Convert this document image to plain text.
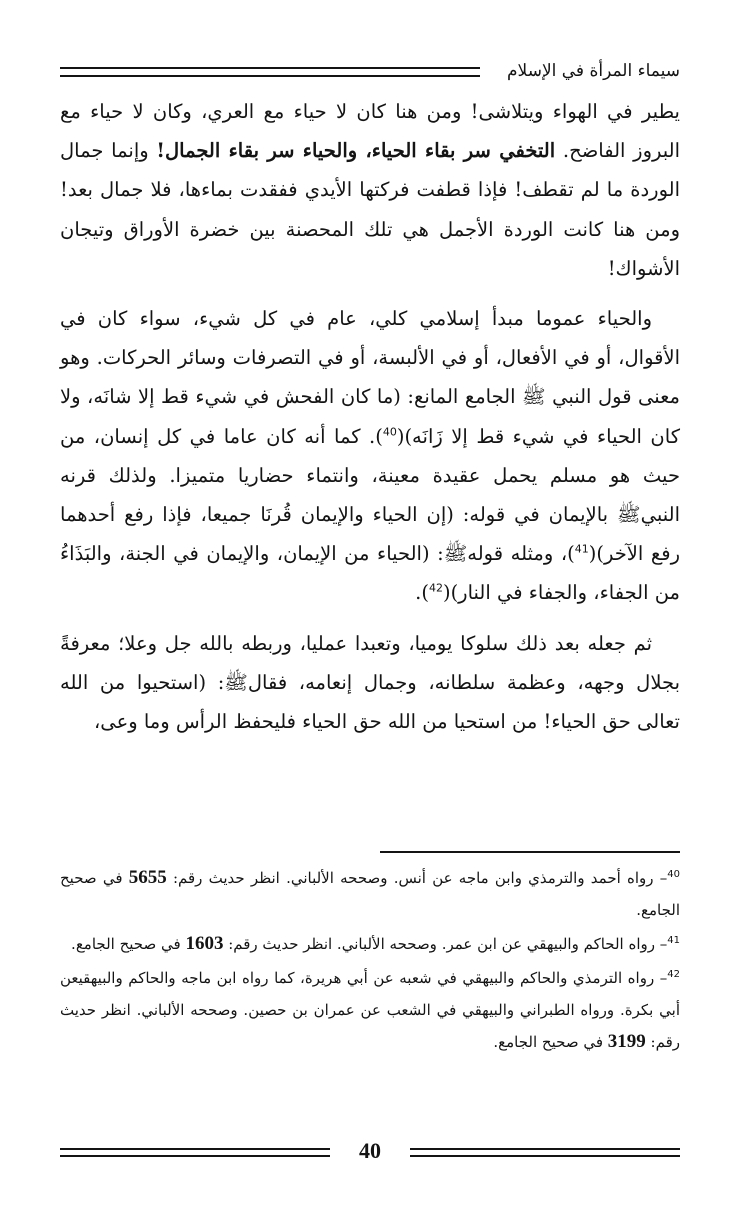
سيماء المرأة في الإسلام

يطير في الهواء ويتلاشى! ومن هنا كان لا حياء مع العري، وكان لا حياء مع البروز الفاضح. التخفي سر بقاء الحياء، والحياء سر بقاء الجمال! وإنما جمال الوردة ما لم تقطف! فإذا قطفت فركتها الأيدي ففقدت بماءها، فلا جمال بعد! ومن هنا كانت الوردة الأجمل هي تلك المحصنة بين خضرة الأوراق وتيجان الأشواك!

والحياء عموما مبدأ إسلامي كلي، عام في كل شيء، سواء كان في الأقوال، أو في الأفعال، أو في الألبسة، أو في التصرفات وسائر الحركات. وهو معنى قول النبي ﷺ الجامع المانع: (ما كان الفحش في شيء قط إلا شانَه، ولا كان الحياء في شيء قط إلا زَانَه)($^{40}$). كما أنه كان عاما في كل إنسان، من حيث هو مسلم يحمل عقيدة معينة، وانتماء حضاريا متميزا. ولذلك قرنه النبيﷺ بالإيمان في قوله: (إن الحياء والإيمان قُرنَا جميعا، فإذا رفع أحدهما رفع الآخر)($^{41}$)، ومثله قولهﷺ: (الحياء من الإيمان، والإيمان في الجنة، والبَذَاءُ من الجفاء، والجفاء في النار)($^{42}$).

ثم جعله بعد ذلك سلوكا يوميا، وتعبدا عمليا، وربطه بالله جل وعلا؛ معرفةً بجلال وجهه، وعظمة سلطانه، وجمال إنعامه، فقالﷺ: (استحيوا من الله تعالى حق الحياء! من استحيا من الله حق الحياء فليحفظ الرأس وما وعى،

$^{40}$– رواه أحمد والترمذي وابن ماجه عن أنس. وصححه الألباني. انظر حديث رقم: 5655 في صحيح الجامع.

$^{41}$– رواه الحاكم والبيهقي عن ابن عمر. وصححه الألباني. انظر حديث رقم: 1603 في صحيح الجامع.

$^{42}$– رواه الترمذي والحاكم والبيهقي في شعبه عن أبي هريرة، كما رواه ابن ماجه والحاكم والبيهقيعن أبي بكرة. ورواه الطبراني والبيهقي في الشعب عن عمران بن حصين. وصححه الألباني. انظر حديث رقم: 3199 في صحيح الجامع.

40
